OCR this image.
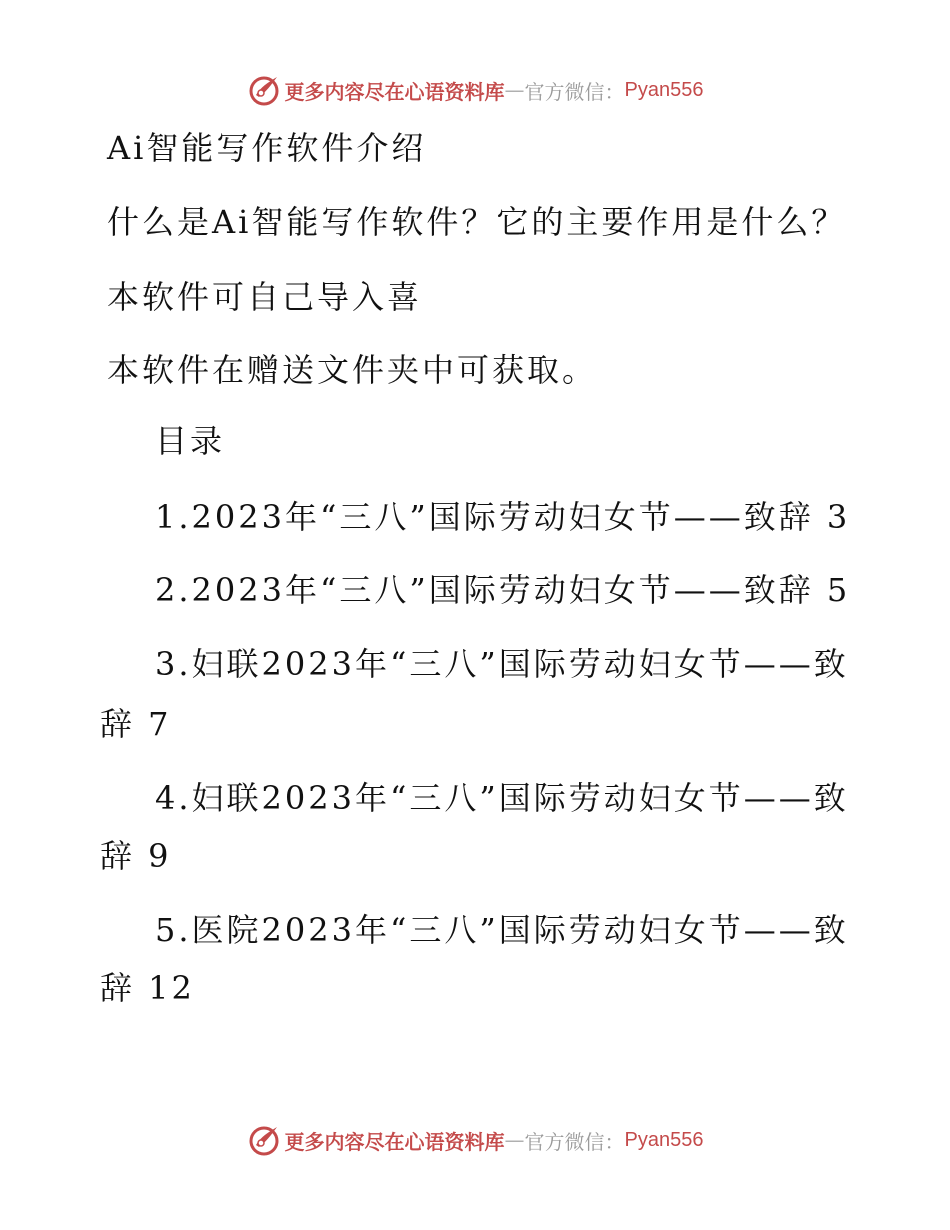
更多内容尽在心语资料库 — 官方微信： Pyan556
Ai智能写作软件介绍
什么是Ai智能写作软件？它的主要作用是什么？
本软件可自己导入喜
本软件在赠送文件夹中可获取。
目录
1.2023年“三八”国际劳动妇女节——致辞 3
2.2023年“三八”国际劳动妇女节——致辞 5
3.妇联2023年“三八”国际劳动妇女节——致
辞 7
4.妇联2023年“三八”国际劳动妇女节——致
辞 9
5.医院2023年“三八”国际劳动妇女节——致
辞 12
更多内容尽在心语资料库 — 官方微信： Pyan556
